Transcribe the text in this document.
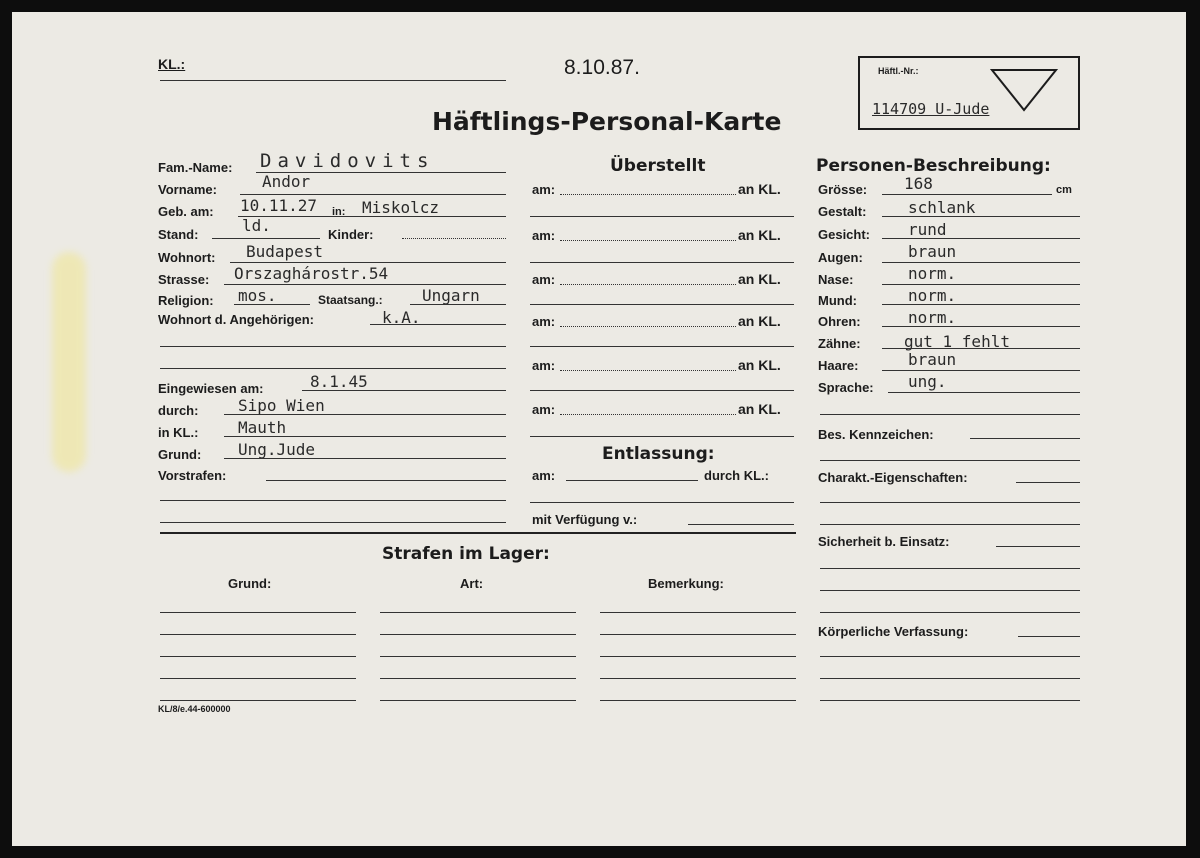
KL.:	8.10.87.
Häftlings-Personal-Karte
Häftl.-Nr.:
114709 U-Jude
Fam.-Name: Davidovits
Vorname:	Andor
Geb. am: 10.11.27 in: Miskolcz
Stand:	ld.	Kinder:
Wohnort: Budapest
Strasse: Orszaghárostr.54
Religion: mos.	Staatsang.: Ungarn
Wohnort d. Angehörigen:	k.A.
Eingewiesen am:	8.1.45
durch: Sipo Wien
in KL.: Mauth
Grund: Ung.Jude
Vorstrafen:
Überstellt
am:	an KL.
am:	an KL.
am:	an KL.
am:	an KL.
am:	an KL.
am:	an KL.
Entlassung:
am:	durch KL.:
mit Verfügung v.:
Personen-Beschreibung:
Grösse: 168	cm
Gestalt:	schlank
Gesicht: rund
Augen:	braun
Nase:	norm.
Mund:	norm.
Ohren:	norm.
Zähne:	gut 1 fehlt
Haare:	braun
Sprache: ung.
Bes. Kennzeichen:
Charakt.-Eigenschaften:
Sicherheit b. Einsatz:
Körperliche Verfassung:
Strafen im Lager:
Grund:	Art:	Bemerkung:
KL/8/e.44-600000
